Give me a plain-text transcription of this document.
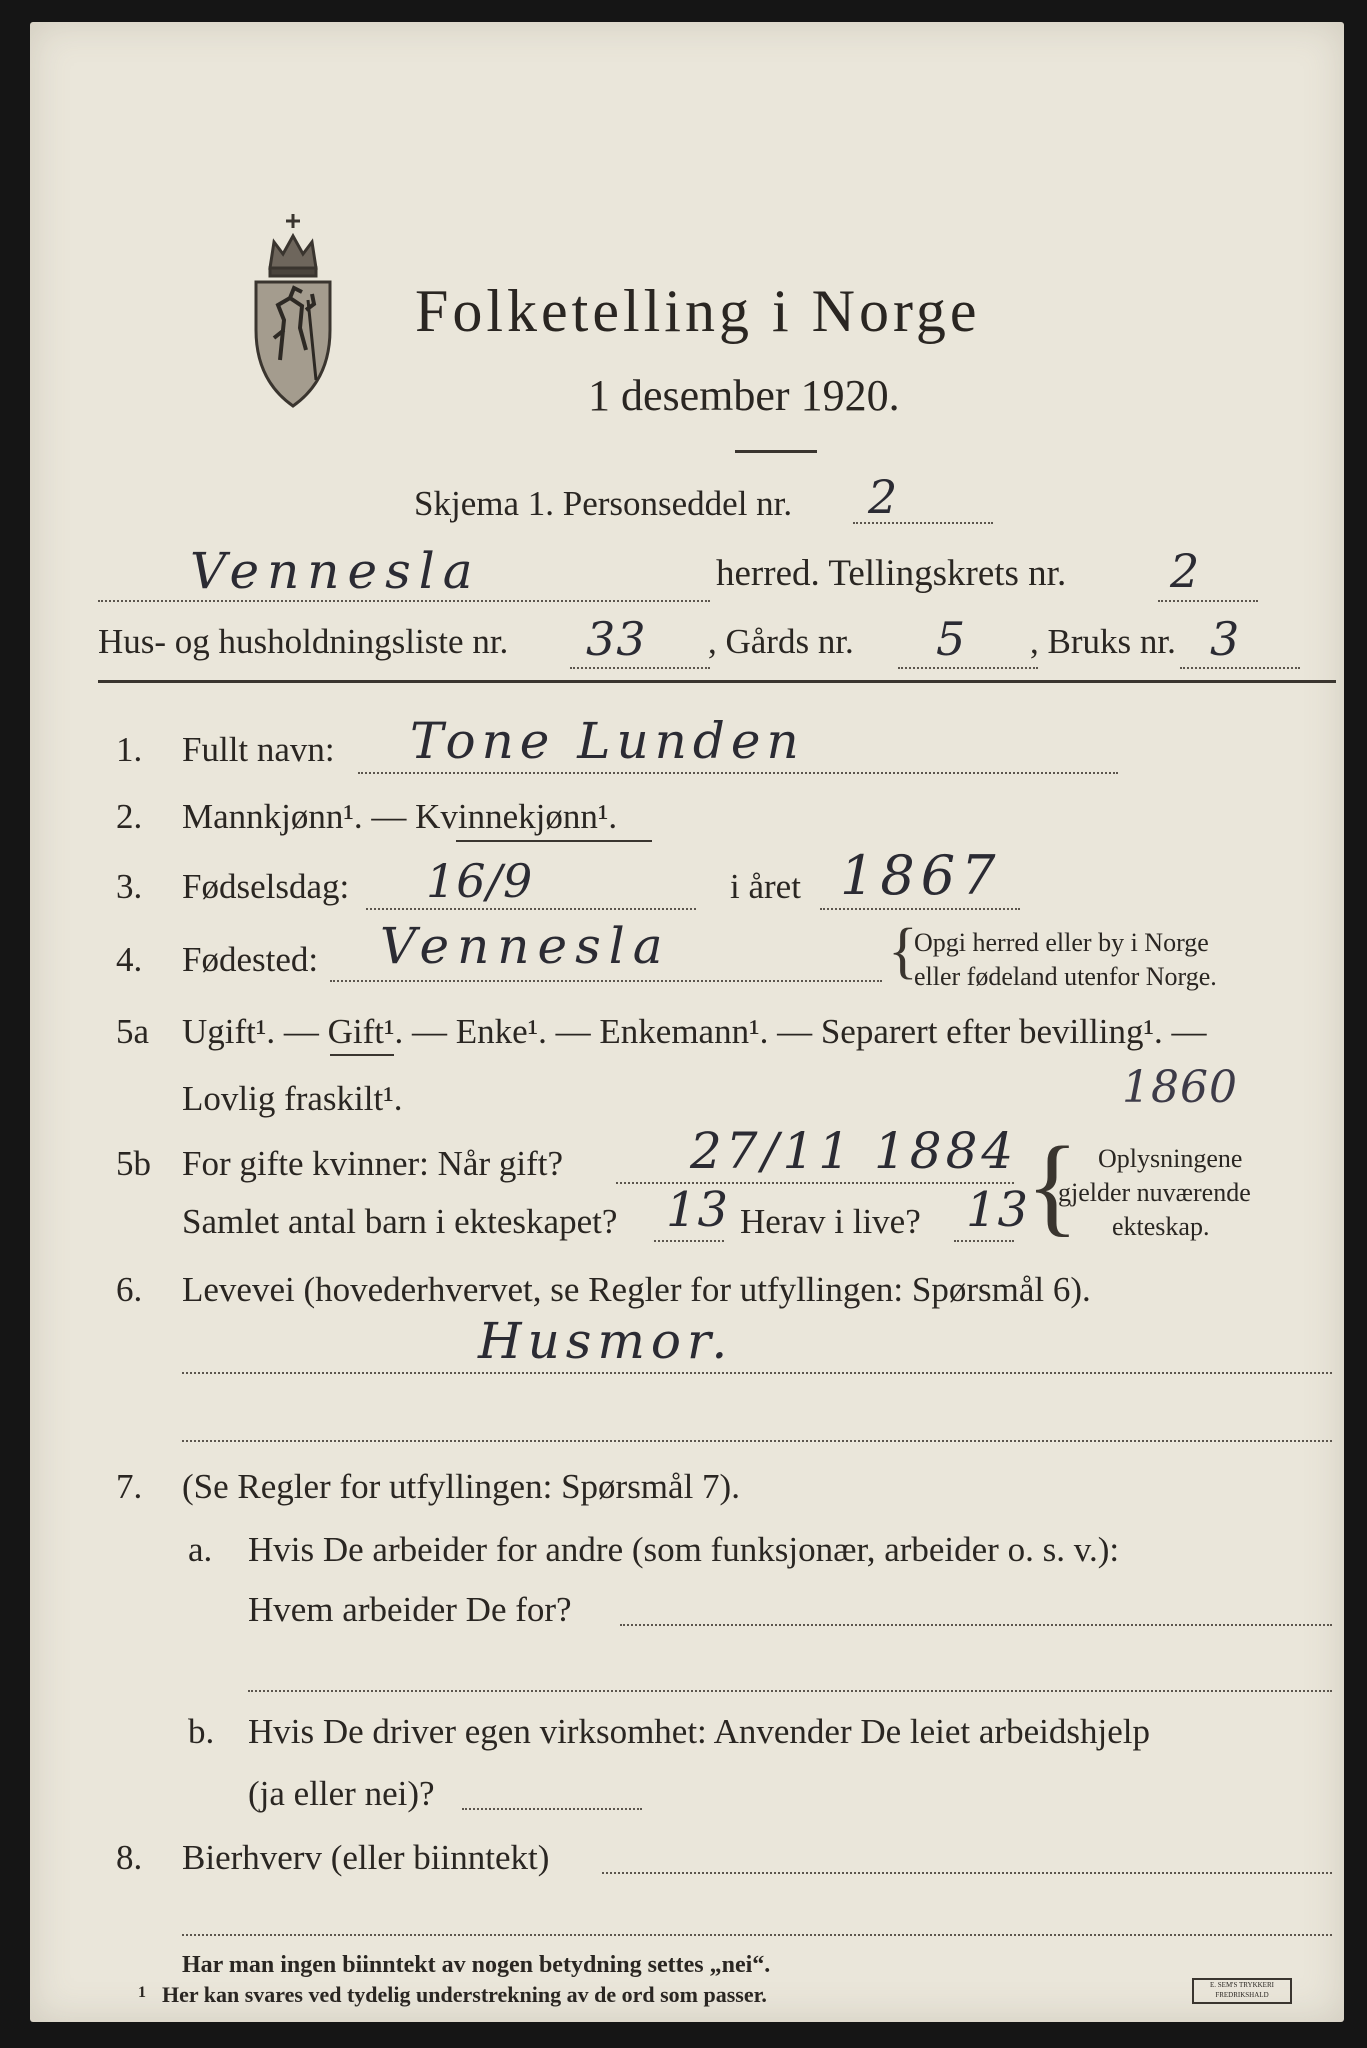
Folketelling i Norge
1 desember 1920.
Skjema 1. Personseddel nr. 2
Vennesla	herred. Tellingskrets nr. 2
Hus- og husholdningsliste nr. 33 , Gårds nr. 5 , Bruks nr. 3
1. Fullt navn: Tone Lunden
2. Mannkjønn¹. — Kvinnekjønn¹.
3. Fødselsdag: 16/9	i året 1867
4. Fødested: Vennesla	{
Opgi herred eller by i Norge
eller fødeland utenfor Norge.
5a Ugift¹. — Gift¹. — Enke¹. — Enkemann¹. — Separert efter bevilling¹. —
Lovlig fraskilt¹.	1860
5b For gifte kvinner: Når gift?	27/11 1884
Samlet antal barn i ekteskapet? 13 Herav i live? 13
{ Oplysningene
gjelder nuværende
ekteskap.
6. Levevei (hovederhvervet, se Regler for utfyllingen: Spørsmål 6).
Husmor.
7. (Se Regler for utfyllingen: Spørsmål 7).
a. Hvis De arbeider for andre (som funksjonær, arbeider o. s. v.):
Hvem arbeider De for?
b. Hvis De driver egen virksomhet: Anvender De leiet arbeidshjelp
(ja eller nei)?
8. Bierhverv (eller biinntekt)
Har man ingen biinntekt av nogen betydning settes „nei“.
1 Her kan svares ved tydelig understrekning av de ord som passer.	E. SEM'S TRYKKERI FREDRIKSHALD
